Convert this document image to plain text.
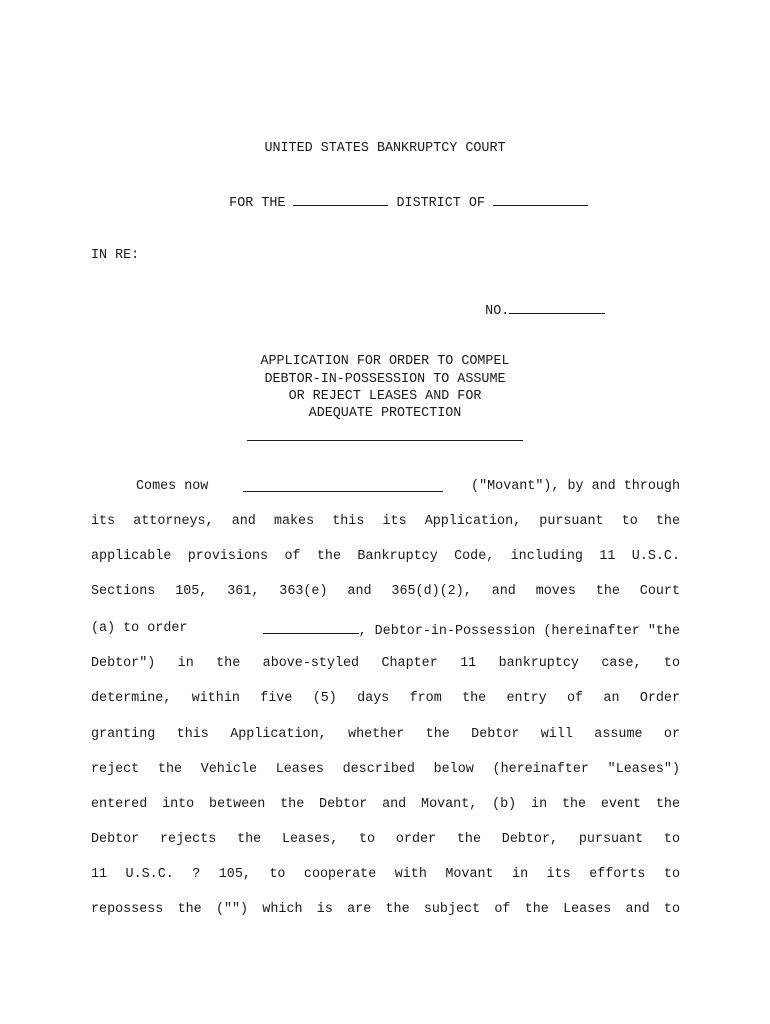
UNITED STATES BANKRUPTCY COURT

FOR THE	DISTRICT OF

IN RE:

NO.

APPLICATION FOR ORDER TO COMPEL
DEBTOR-IN-POSSESSION TO ASSUME
OR REJECT LEASES AND FOR
ADEQUATE PROTECTION
Comes now	("Movant"), by and through
its attorneys, and makes this its Application, pursuant to the
applicable provisions of the Bankruptcy Code, including 11 U.S.C.
Sections 105, 361, 363(e) and 365(d)(2), and moves the Court
(a) to order	, Debtor-in-Possession (hereinafter "the
Debtor") in the above-styled Chapter 11 bankruptcy case, to
determine, within five (5) days from the entry of an Order
granting this Application, whether the Debtor will assume or
reject the Vehicle Leases described below (hereinafter "Leases")
entered into between the Debtor and Movant, (b) in the event the
Debtor rejects the Leases, to order the Debtor, pursuant to
11 U.S.C. ? 105, to cooperate with Movant in its efforts to
repossess the ("") which is are the subject of the Leases and to
